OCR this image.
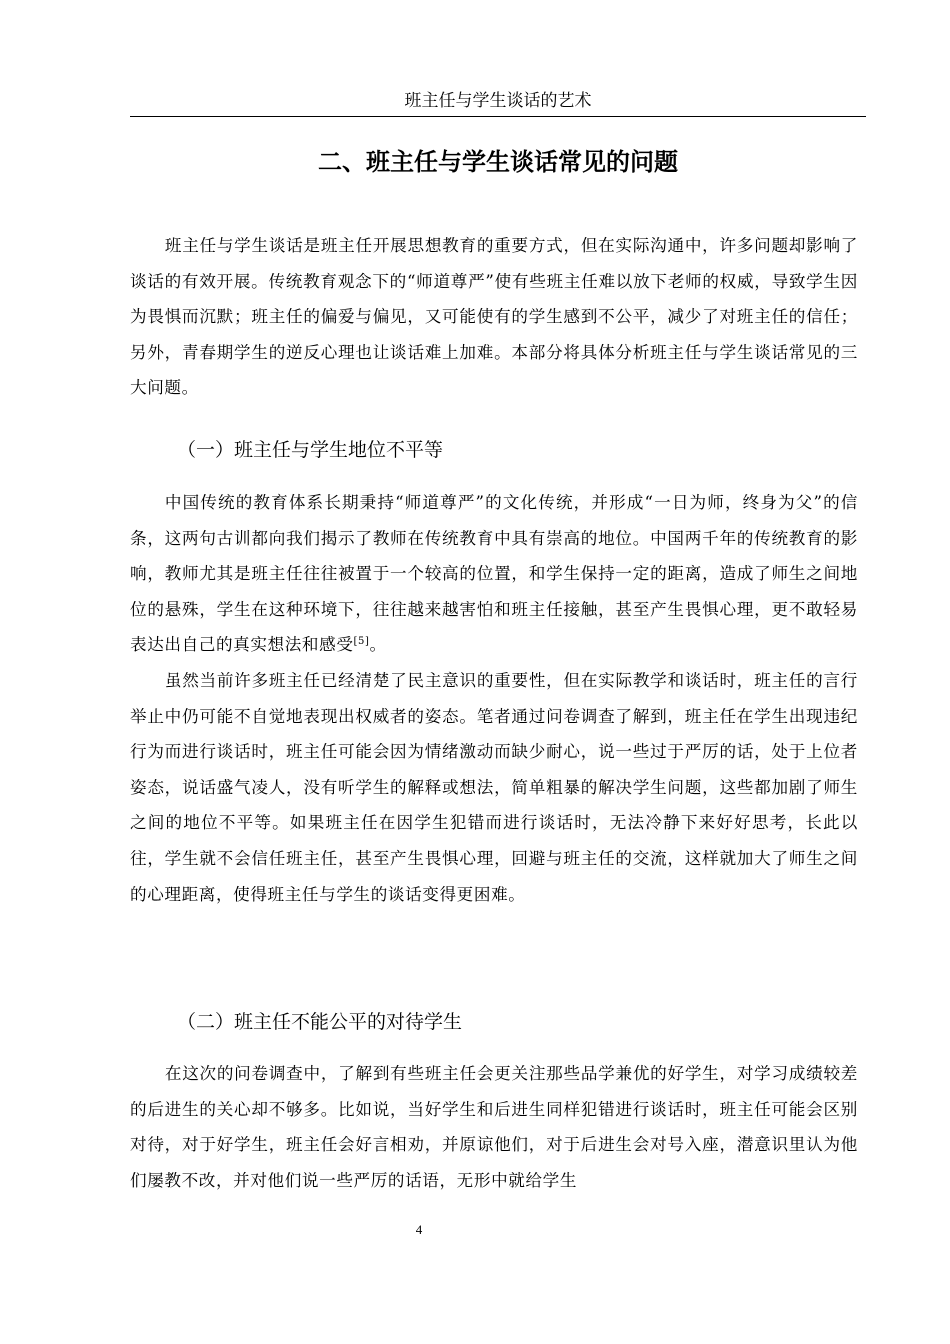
班主任与学生谈话的艺术
二、班主任与学生谈话常见的问题

班主任与学生谈话是班主任开展思想教育的重要方式，但在实际沟通中，许多问题却影响了谈话的有效开展。传统教育观念下的“师道尊严”使有些班主任难以放下老师的权威，导致学生因为畏惧而沉默；班主任的偏爱与偏见，又可能使有的学生感到不公平，减少了对班主任的信任；另外，青春期学生的逆反心理也让谈话难上加难。本部分将具体分析班主任与学生谈话常见的三大问题。

（一）班主任与学生地位不平等

中国传统的教育体系长期秉持“师道尊严”的文化传统，并形成“一日为师，终身为父”的信条，这两句古训都向我们揭示了教师在传统教育中具有崇高的地位。中国两千年的传统教育的影响，教师尤其是班主任往往被置于一个较高的位置，和学生保持一定的距离，造成了师生之间地位的悬殊，学生在这种环境下，往往越来越害怕和班主任接触，甚至产生畏惧心理，更不敢轻易表达出自己的真实想法和感受[5]。

虽然当前许多班主任已经清楚了民主意识的重要性，但在实际教学和谈话时，班主任的言行举止中仍可能不自觉地表现出权威者的姿态。笔者通过问卷调查了解到，班主任在学生出现违纪行为而进行谈话时，班主任可能会因为情绪激动而缺少耐心，说一些过于严厉的话，处于上位者姿态，说话盛气凌人，没有听学生的解释或想法，简单粗暴的解决学生问题，这些都加剧了师生之间的地位不平等。如果班主任在因学生犯错而进行谈话时，无法冷静下来好好思考，长此以往，学生就不会信任班主任，甚至产生畏惧心理，回避与班主任的交流，这样就加大了师生之间的心理距离，使得班主任与学生的谈话变得更困难。

（二）班主任不能公平的对待学生

在这次的问卷调查中，了解到有些班主任会更关注那些品学兼优的好学生，对学习成绩较差的后进生的关心却不够多。比如说，当好学生和后进生同样犯错进行谈话时，班主任可能会区别对待，对于好学生，班主任会好言相劝，并原谅他们，对于后进生会对号入座，潜意识里认为他们屡教不改，并对他们说一些严厉的话语，无形中就给学生

4
